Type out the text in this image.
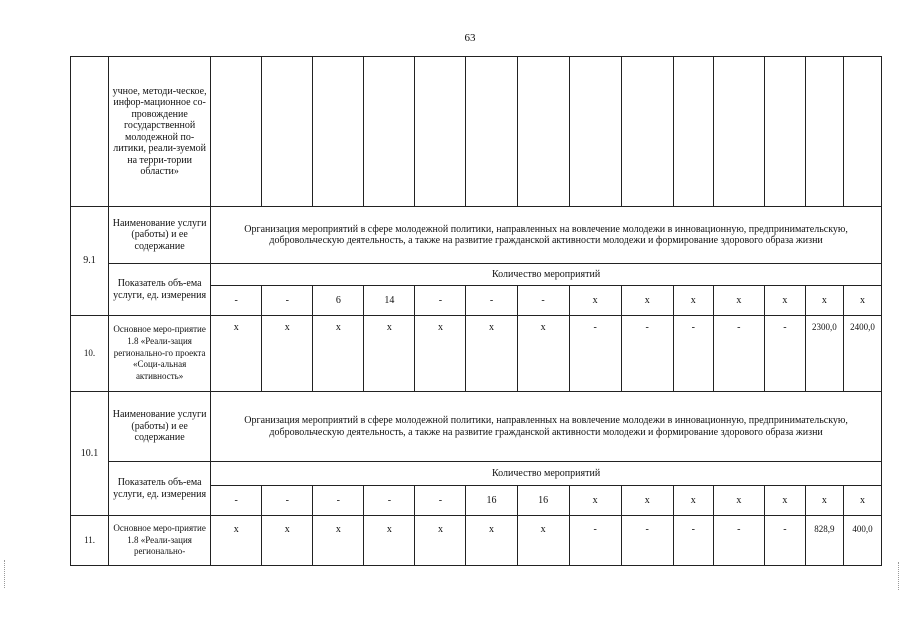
63
	учное, методи-ческое, инфор-мационное со-провождение государственной молодежной по-литики, реали-зуемой на терри-тории области»														
9.1	Наименование услуги (работы) и ее содержание	Организация мероприятий в сфере молодежной политики, направленных на вовлечение молодежи в инновационную, предпринимательскую, добровольческую деятельность, а также на развитие гражданской активности молодежи и формирование здорового образа жизни													
	Показатель объ-ема услуги, ед. измерения	Количество мероприятий													
		-	-	6	14	-	-	-	x	x	x	x	x	x	x
10.	Основное меро-приятие 1.8 «Реали-зация регионально-го проекта «Соци-альная активность»	x	x	x	x	x	x	x	-	-	-	-	-	2300,0	2400,0
10.1	Наименование услуги (работы) и ее содержание	Организация мероприятий в сфере молодежной политики, направленных на вовлечение молодежи в инновационную, предпринимательскую, добровольческую деятельность, а также на развитие гражданской активности молодежи и формирование здорового образа жизни													
	Показатель объ-ема услуги, ед. измерения	Количество мероприятий													
		-	-	-	-	-	16	16	x	x	x	x	x	x	x
11.	Основное меро-приятие 1.8 «Реали-зация регионально-	x	x	x	x	x	x	x	-	-	-	-	-	828,9	400,0
